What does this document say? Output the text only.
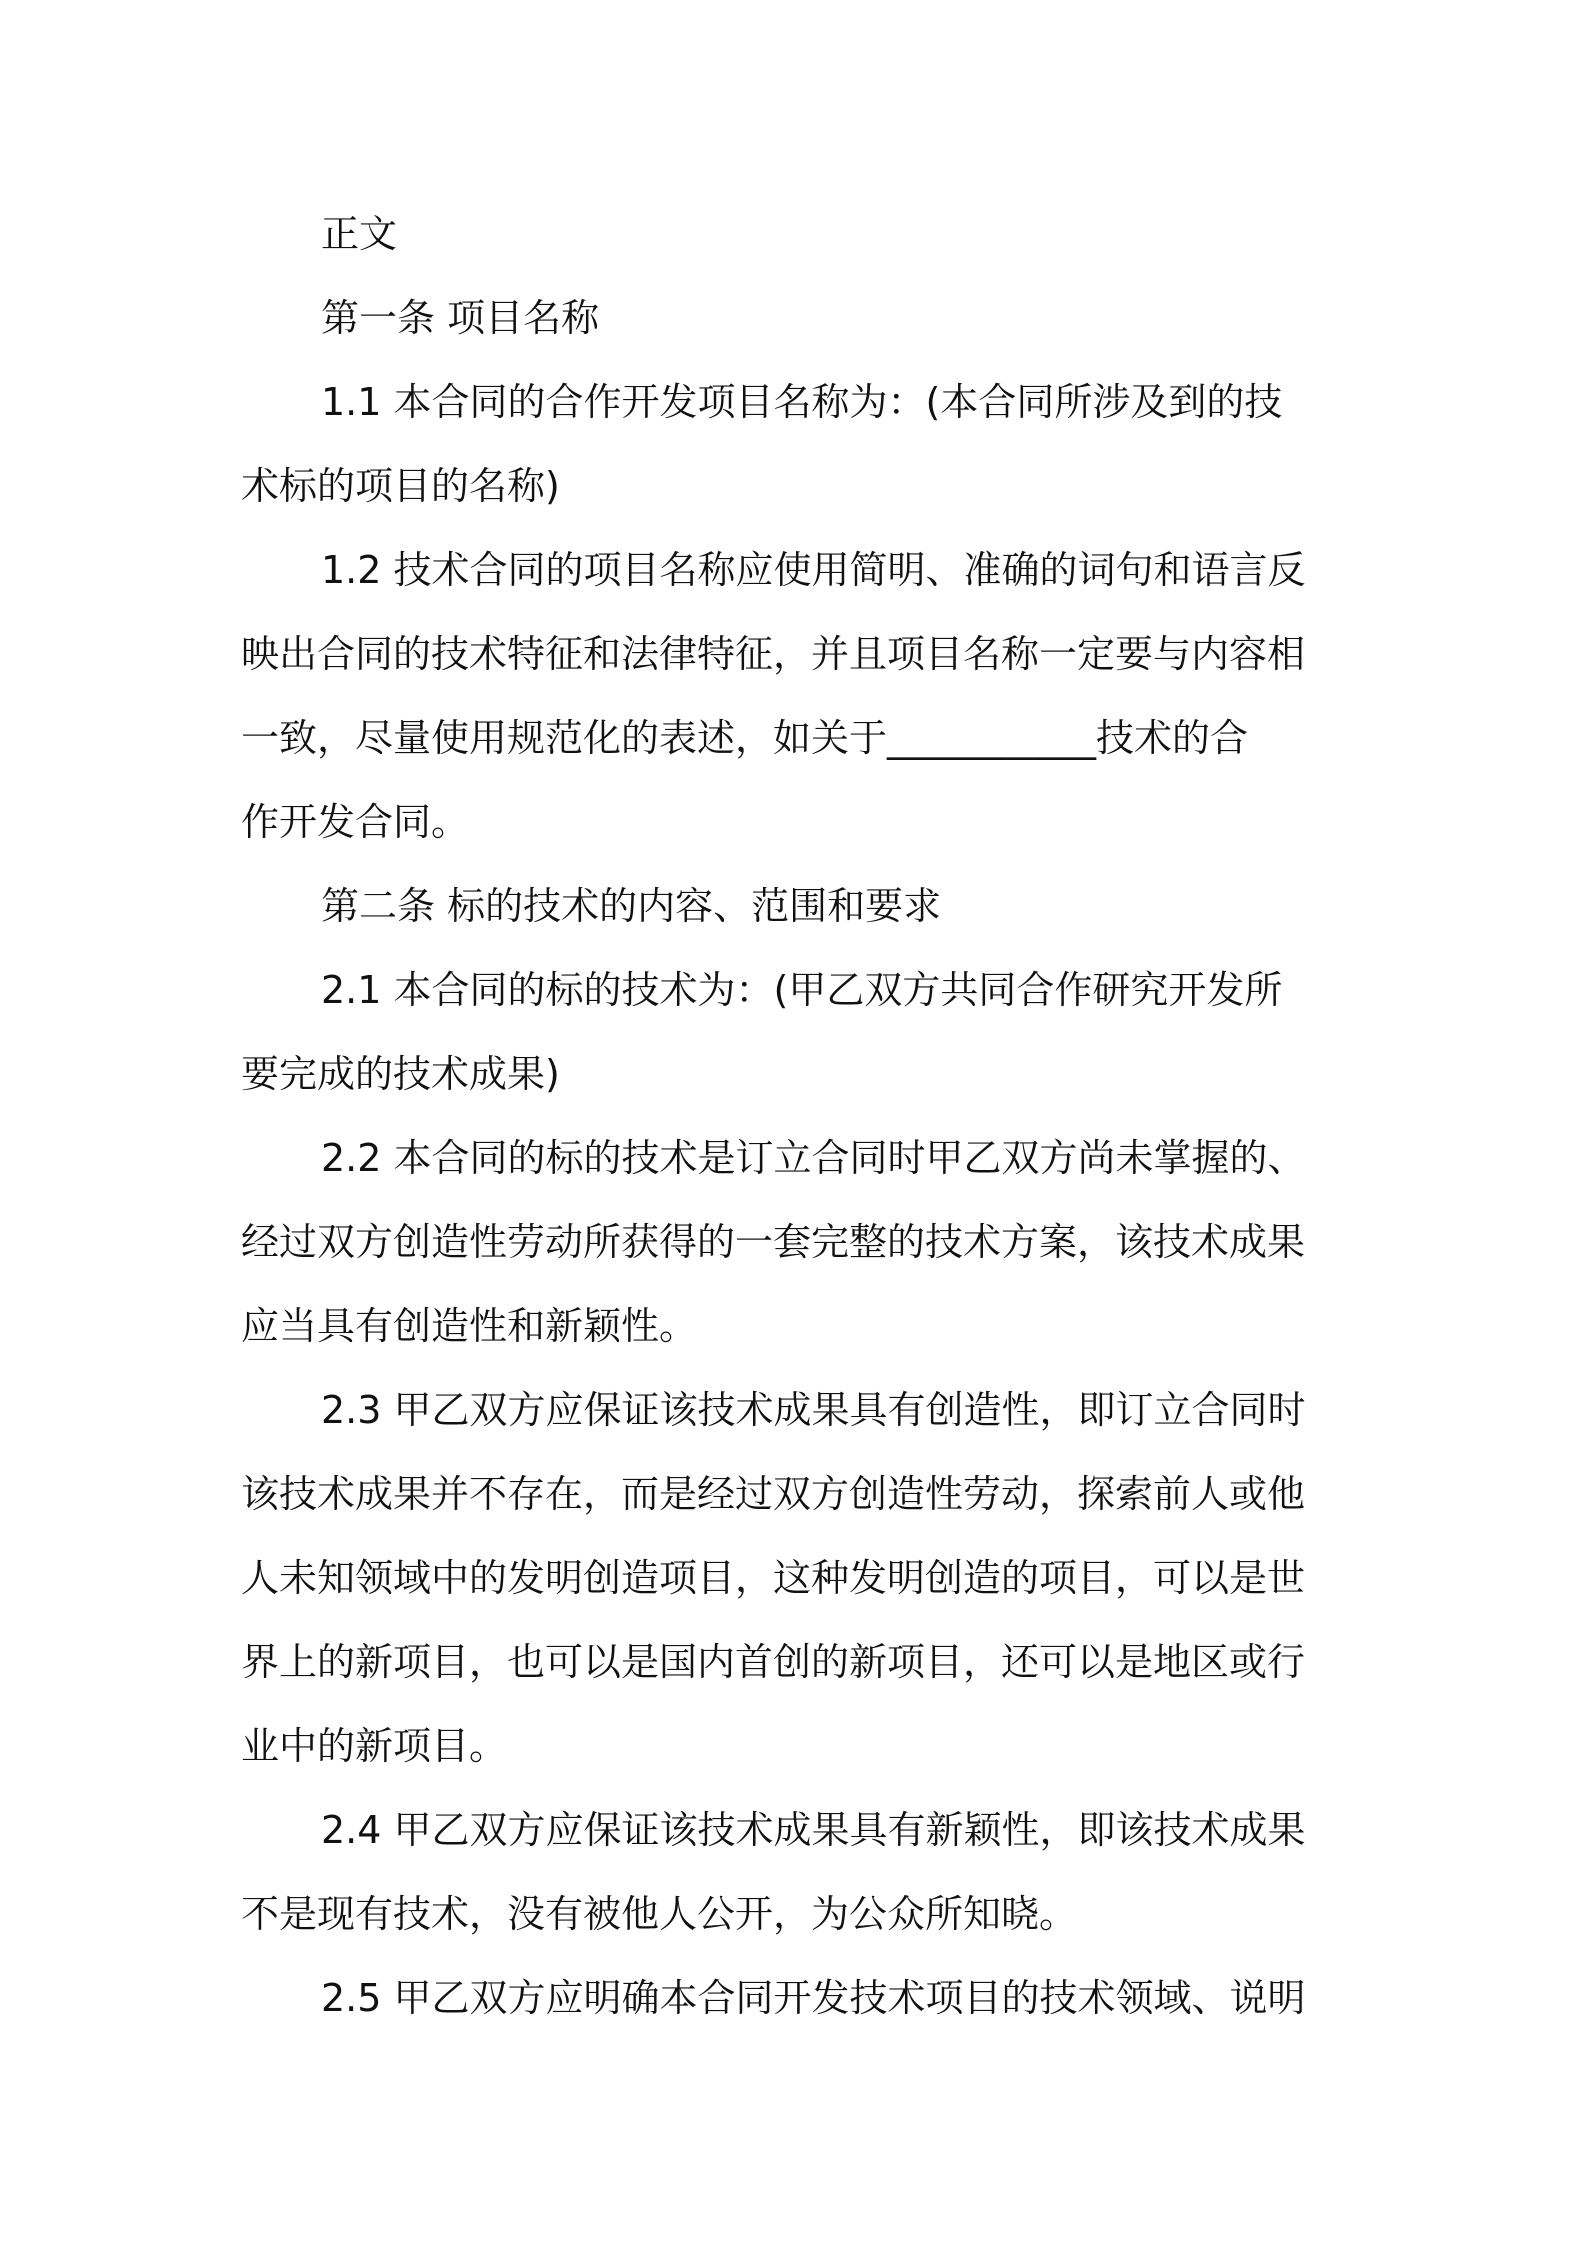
正文
第一条 项目名称
1.1 本合同的合作开发项目名称为：(本合同所涉及到的技
术标的项目的名称)
1.2 技术合同的项目名称应使用简明、准确的词句和语言反
映出合同的技术特征和法律特征，并且项目名称一定要与内容相
一致，尽量使用规范化的表述，如关于___________技术的合
作开发合同。
第二条 标的技术的内容、范围和要求
2.1 本合同的标的技术为：(甲乙双方共同合作研究开发所
要完成的技术成果)
2.2 本合同的标的技术是订立合同时甲乙双方尚未掌握的、
经过双方创造性劳动所获得的一套完整的技术方案，该技术成果
应当具有创造性和新颖性。
2.3 甲乙双方应保证该技术成果具有创造性，即订立合同时
该技术成果并不存在，而是经过双方创造性劳动，探索前人或他
人未知领域中的发明创造项目，这种发明创造的项目，可以是世
界上的新项目，也可以是国内首创的新项目，还可以是地区或行
业中的新项目。
2.4 甲乙双方应保证该技术成果具有新颖性，即该技术成果
不是现有技术，没有被他人公开，为公众所知晓。
2.5 甲乙双方应明确本合同开发技术项目的技术领域、说明
